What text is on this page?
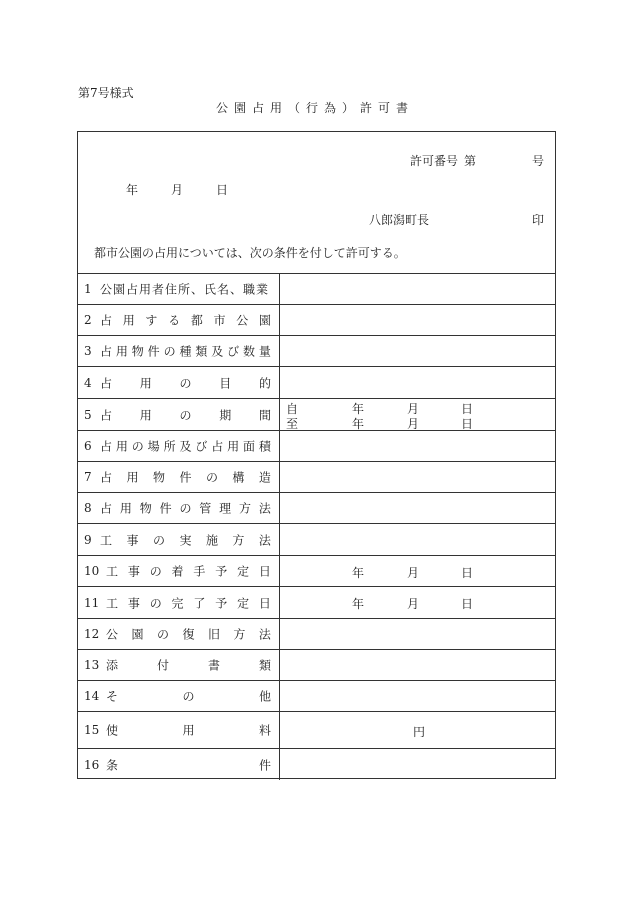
第7号様式
公園占用（行為）許可書
許可番号 第	号
年	月	日
八郎潟町長	印
都市公園の占用については、次の条件を付して許可する。
1 公園占用者住所、氏名、職業
2 占 用 す る 都 市 公 園
3 占 用 物 件 の 種 類 及 び 数 量
4 占 用 の 目 的
5 占 用 の 期 間 自	年	月	日
至	年	月	日
6 占 用 の 場 所 及 び 占 用 面 積
7 占 用 物 件 の 構 造
8 占 用 物 件 の 管 理 方 法
9 工 事 の 実 施 方 法
10 工 事 の 着 手 予 定 日	年	月	日
11 工 事 の 完 了 予 定 日	年	月	日
12 公 園 の 復 旧 方 法
13 添	付	書	類
14 そ	の	他
15 使	用	料	円
16 条	件
